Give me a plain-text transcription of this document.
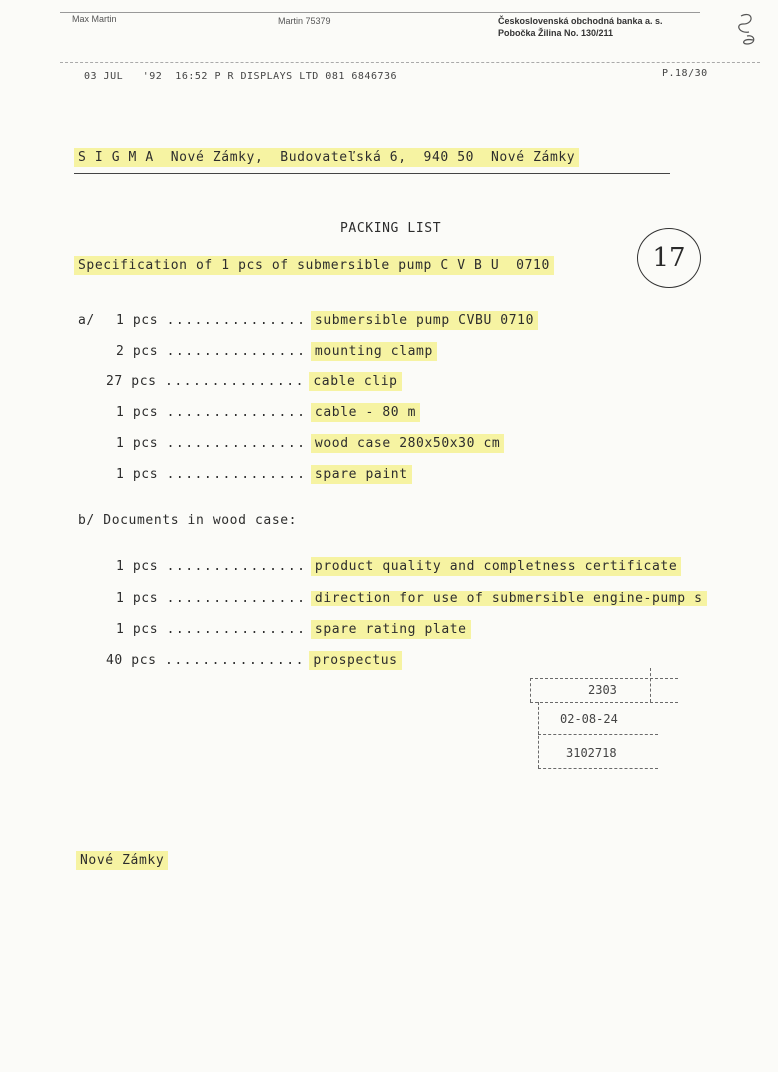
Max Martin	Martin 75379	Československá obchodná banka a. s.
Pobočka Žilina No. 130/211
03 JUL '92 16:52 P R DISPLAYS LTD 081 6846736	P.18/30
S I G M A Nové Zámky, Budovateľská 6, 940 50 Nové Zámky
PACKING LIST
Specification of 1 pcs of submersible pump C V B U  0710	17
a/ 1 pcs ............... submersible pump CVBU 0710
2 pcs ............... mounting clamp
27 pcs ............... cable clip
1 pcs ............... cable - 80 m
1 pcs ............... wood case 280x50x30 cm
1 pcs ............... spare paint
b/ Documents in wood case:
1 pcs ............... product quality and completness certificate
1 pcs ............... direction for use of submersible engine-pump s
1 pcs ............... spare rating plate
40 pcs ............... prospectus
2303
02-08-24
3102718
Nové Zámky
